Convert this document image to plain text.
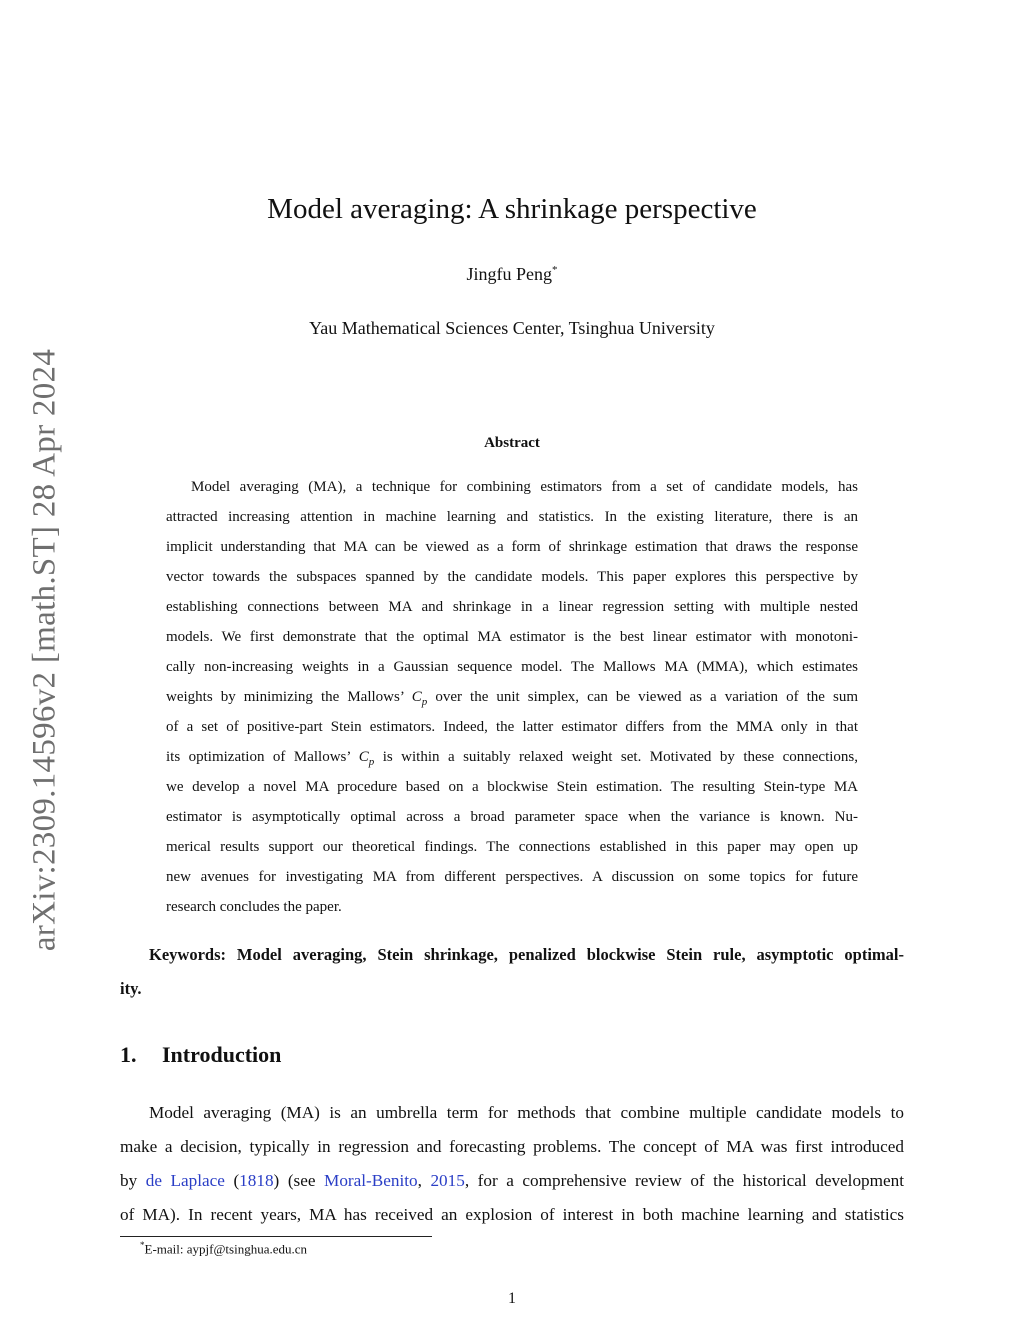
arXiv:2309.14596v2 [math.ST] 28 Apr 2024
Model averaging: A shrinkage perspective
Jingfu Peng*
Yau Mathematical Sciences Center, Tsinghua University
Abstract
Model averaging (MA), a technique for combining estimators from a set of candidate models, has
attracted increasing attention in machine learning and statistics. In the existing literature, there is an
implicit understanding that MA can be viewed as a form of shrinkage estimation that draws the response
vector towards the subspaces spanned by the candidate models. This paper explores this perspective by
establishing connections between MA and shrinkage in a linear regression setting with multiple nested
models. We first demonstrate that the optimal MA estimator is the best linear estimator with monotoni-
cally non-increasing weights in a Gaussian sequence model. The Mallows MA (MMA), which estimates
weights by minimizing the Mallows’ $C_p$ over the unit simplex, can be viewed as a variation of the sum
of a set of positive-part Stein estimators. Indeed, the latter estimator differs from the MMA only in that
its optimization of Mallows’ $C_p$ is within a suitably relaxed weight set. Motivated by these connections,
we develop a novel MA procedure based on a blockwise Stein estimation. The resulting Stein-type MA
estimator is asymptotically optimal across a broad parameter space when the variance is known. Nu-
merical results support our theoretical findings. The connections established in this paper may open up
new avenues for investigating MA from different perspectives. A discussion on some topics for future
research concludes the paper.
Keywords: Model averaging, Stein shrinkage, penalized blockwise Stein rule, asymptotic optimal-
ity.
1. Introduction
Model averaging (MA) is an umbrella term for methods that combine multiple candidate models to
make a decision, typically in regression and forecasting problems. The concept of MA was first introduced
by de Laplace (1818) (see Moral-Benito, 2015, for a comprehensive review of the historical development
of MA). In recent years, MA has received an explosion of interest in both machine learning and statistics
*E-mail: aypjf@tsinghua.edu.cn
1
